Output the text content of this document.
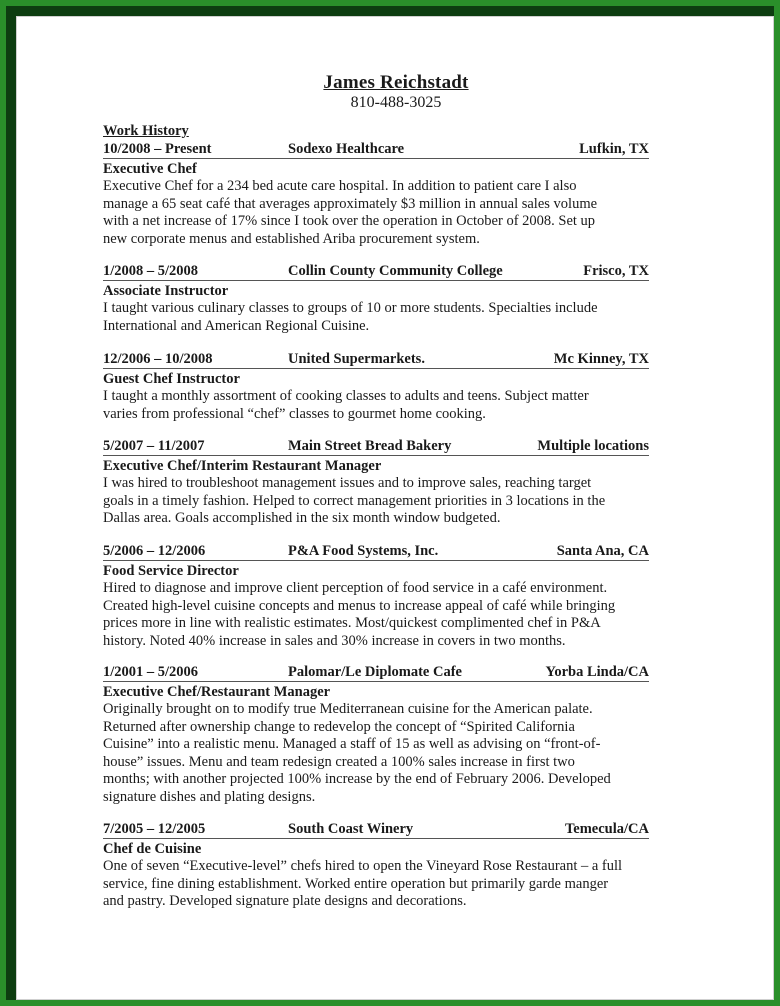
James Reichstadt
810-488-3025
Work History
10/2008 – Present	Sodexo Healthcare	Lufkin, TX
Executive Chef
Executive Chef for a 234 bed acute care hospital. In addition to patient care I also
manage a 65 seat café that averages approximately $3 million in annual sales volume
with a net increase of 17% since I took over the operation in October of 2008. Set up
new corporate menus and established Ariba procurement system.
1/2008 – 5/2008	Collin County Community College	Frisco, TX
Associate Instructor
I taught various culinary classes to groups of 10 or more students. Specialties include
International and American Regional Cuisine.
12/2006 – 10/2008	United Supermarkets.	Mc Kinney, TX
Guest Chef Instructor
I taught a monthly assortment of cooking classes to adults and teens. Subject matter
varies from professional “chef” classes to gourmet home cooking.
5/2007 – 11/2007	Main Street Bread Bakery	Multiple locations
Executive Chef/Interim Restaurant Manager
I was hired to troubleshoot management issues and to improve sales, reaching target
goals in a timely fashion. Helped to correct management priorities in 3 locations in the
Dallas area. Goals accomplished in the six month window budgeted.
5/2006 – 12/2006	P&A Food Systems, Inc.	Santa Ana, CA
Food Service Director
Hired to diagnose and improve client perception of food service in a café environment.
Created high-level cuisine concepts and menus to increase appeal of café while bringing
prices more in line with realistic estimates. Most/quickest complimented chef in P&A
history. Noted 40% increase in sales and 30% increase in covers in two months.
1/2001 – 5/2006	Palomar/Le Diplomate Cafe	Yorba Linda/CA
Executive Chef/Restaurant Manager
Originally brought on to modify true Mediterranean cuisine for the American palate.
Returned after ownership change to redevelop the concept of “Spirited California
Cuisine” into a realistic menu. Managed a staff of 15 as well as advising on “front-of-
house” issues. Menu and team redesign created a 100% sales increase in first two
months; with another projected 100% increase by the end of February 2006. Developed
signature dishes and plating designs.
7/2005 – 12/2005	South Coast Winery	Temecula/CA
Chef de Cuisine
One of seven “Executive-level” chefs hired to open the Vineyard Rose Restaurant – a full
service, fine dining establishment. Worked entire operation but primarily garde manger
and pastry. Developed signature plate designs and decorations.
